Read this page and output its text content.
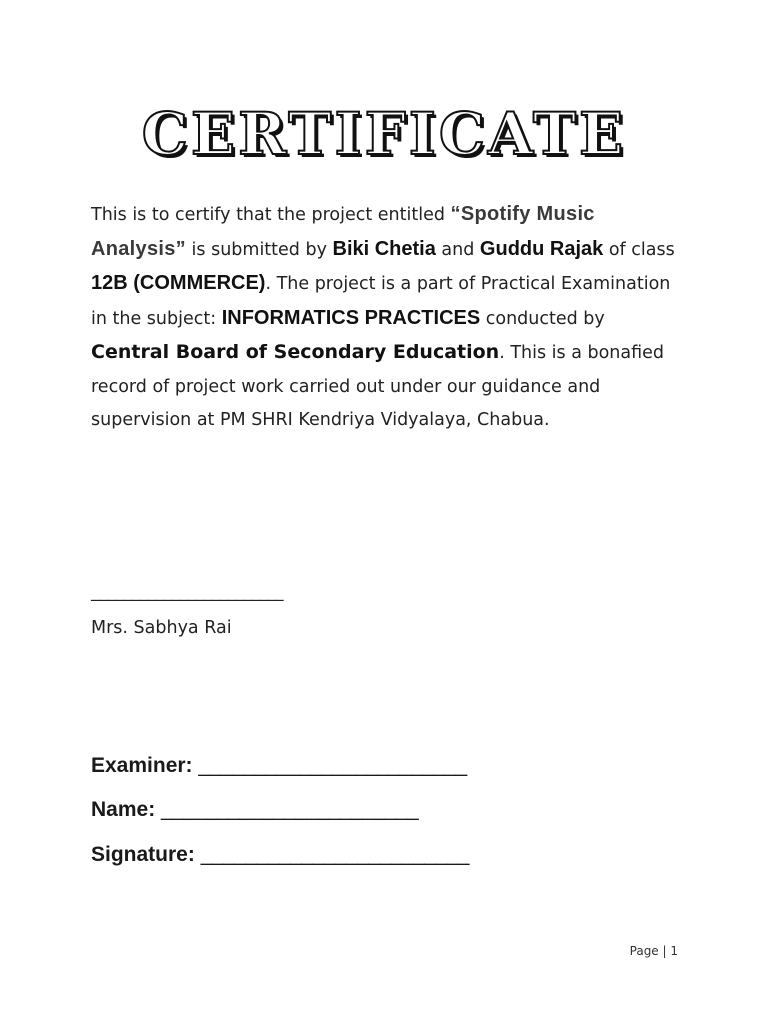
CERTIFICATE
This is to certify that the project entitled “Spotify Music Analysis” is submitted by Biki Chetia and Guddu Rajak of class 12B (COMMERCE). The project is a part of Practical Examination in the subject: INFORMATICS PRACTICES conducted by Central Board of Secondary Education. This is a bonafied record of project work carried out under our guidance and supervision at PM SHRI Kendriya Vidyalaya, Chabua.
________________________
Mrs. Sabhya Rai
Examiner: ________________________
Name: _______________________
Signature: ________________________
Page | 1
